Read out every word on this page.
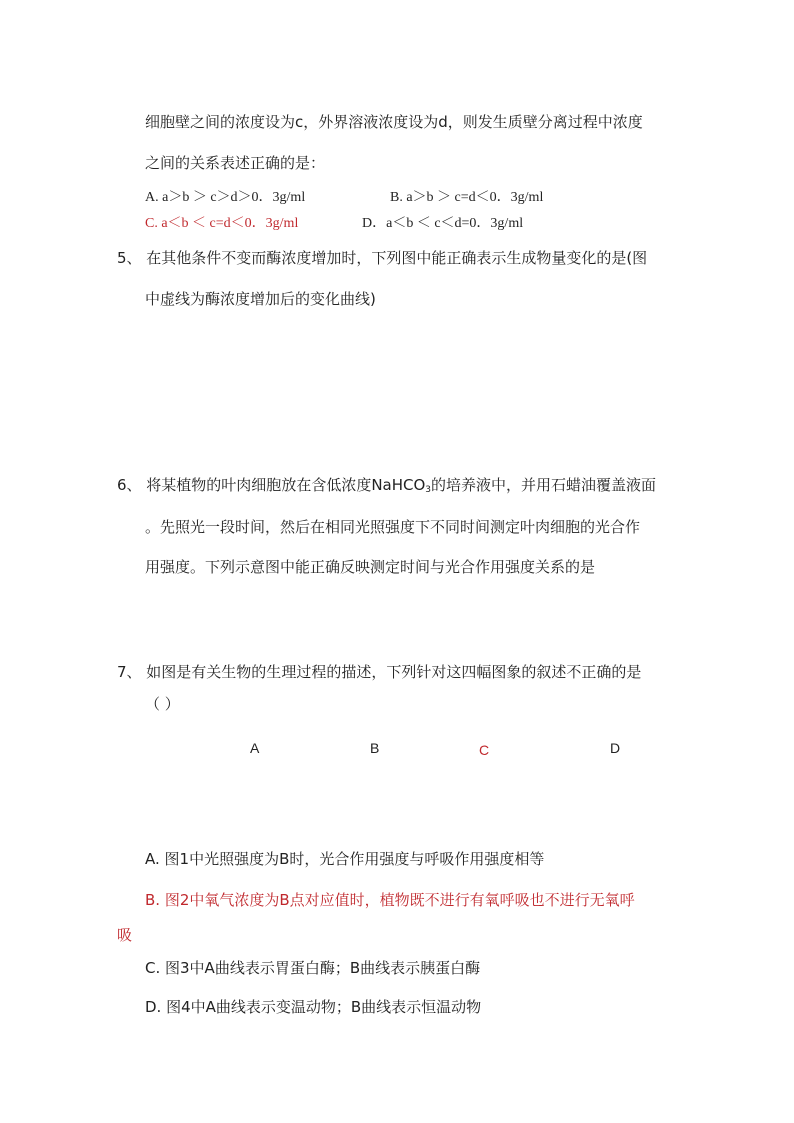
细胞壁之间的浓度设为c，外界溶液浓度设为d，则发生质壁分离过程中浓度
之间的关系表述正确的是：
A. a＞b ＞ c＞d＞0．3g/ml	B. a＞b ＞ c=d＜0．3g/ml
C. a＜b ＜ c=d＜0．3g/ml	D．a＜b ＜ c＜d=0．3g/ml
5、 在其他条件不变而酶浓度增加时，下列图中能正确表示生成物量变化的是(图
中虚线为酶浓度增加后的变化曲线)
6、 将某植物的叶肉细胞放在含低浓度NaHCO$_3$的培养液中，并用石蜡油覆盖液面
。先照光一段时间，然后在相同光照强度下不同时间测定叶肉细胞的光合作
用强度。下列示意图中能正确反映测定时间与光合作用强度关系的是
7、 如图是有关生物的生理过程的描述，下列针对这四幅图象的叙述不正确的是
（ ）
A	B	C	D
A. 图1中光照强度为B时，光合作用强度与呼吸作用强度相等
B. 图2中氧气浓度为B点对应值时，植物既不进行有氧呼吸也不进行无氧呼
吸
C. 图3中A曲线表示胃蛋白酶；B曲线表示胰蛋白酶
D. 图4中A曲线表示变温动物；B曲线表示恒温动物
